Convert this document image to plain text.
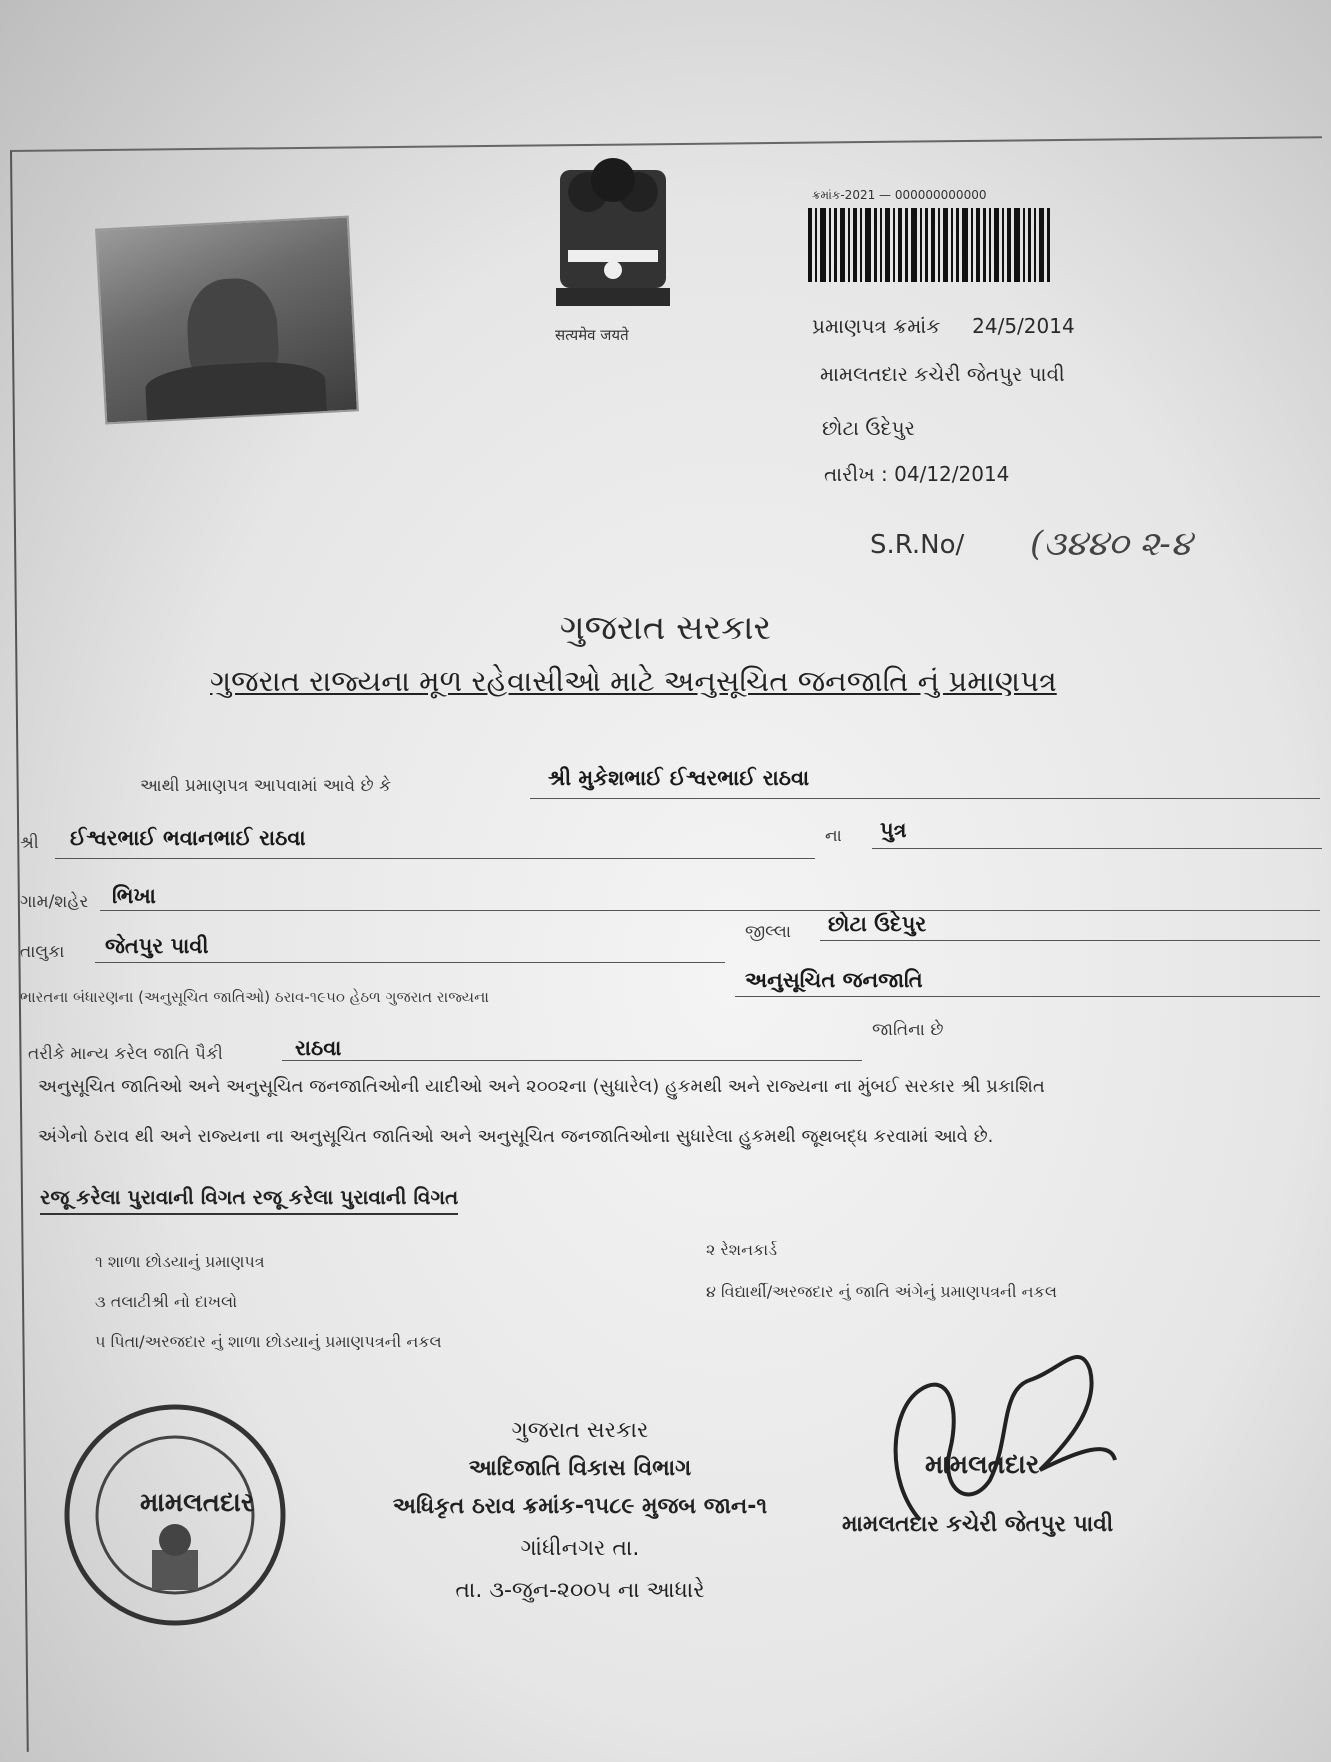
सत्यमेव जयते
ક્રમાંક-2021 — 000000000000
પ્રમાણપત્ર ક્રમાંક 24/5/2014
મામલતદાર કચેરી જેતપુર પાવી
છોટા ઉદેપુર
તારીખ : 04/12/2014
S.R.No/ (૩૪૪૦ ૨-૪
ગુજરાત સરકાર
ગુજરાત રાજ્યના મૂળ રહેવાસીઓ માટે અનુસૂચિત જનજાતિ નું પ્રમાણપત્ર
આથી પ્રમાણપત્ર આપવામાં આવે છે કે	શ્રી મુકેશભાઈ ઈશ્વરભાઈ રાઠવા
શ્રી ઈશ્વરભાઈ ભવાનભાઈ રાઠવા	ના પુત્ર
ગામ/શહેર ભિખા
તાલુકા જેતપુર પાવી
જીલ્લા છોટા ઉદેપુર
ભારતના બંધારણના (અનુસૂચિત જાતિઓ) ઠરાવ-૧૯૫૦ હેઠળ ગુજરાત રાજ્યના
અનુસૂચિત જનજાતિ
તરીકે માન્ય કરેલ જાતિ પૈકી	રાઠવા
જાતિના છે
અનુસૂચિત જાતિઓ અને અનુસૂચિત જનજાતિઓની યાદીઓ અને ૨૦૦૨ના (સુધારેલ) હુકમથી અને રાજ્યના ના મુંબઈ સરકાર શ્રી પ્રકાશિત
અંગેનો ઠરાવ થી અને રાજ્યના ના અનુસૂચિત જાતિઓ અને અનુસૂચિત જનજાતિઓના સુધારેલા હુકમથી જૂથબદ્ધ કરવામાં આવે છે.
રજૂ કરેલા પુરાવાની વિગત રજૂ કરેલા પુરાવાની વિગત
૧ શાળા છોડયાનું પ્રમાણપત્ર
૨ રેશનકાર્ડ
૩ તલાટીશ્રી નો દાખલો
૪ વિદ્યાર્થી/અરજદાર નું જાતિ અંગેનું પ્રમાણપત્રની નકલ
૫ પિતા/અરજદાર નું શાળા છોડયાનું પ્રમાણપત્રની નકલ
મામલતદાર
ગુજરાત સરકાર
આદિજાતિ વિકાસ વિભાગ
અધિકૃત ઠરાવ ક્રમાંક-૧૫૮૯ મુજબ જાન-૧
ગાંધીનગર તા.
તા. ૩-જુન-૨૦૦૫ ના આધારે
મામલતદાર
મામલતદાર કચેરી જેતપુર પાવી
